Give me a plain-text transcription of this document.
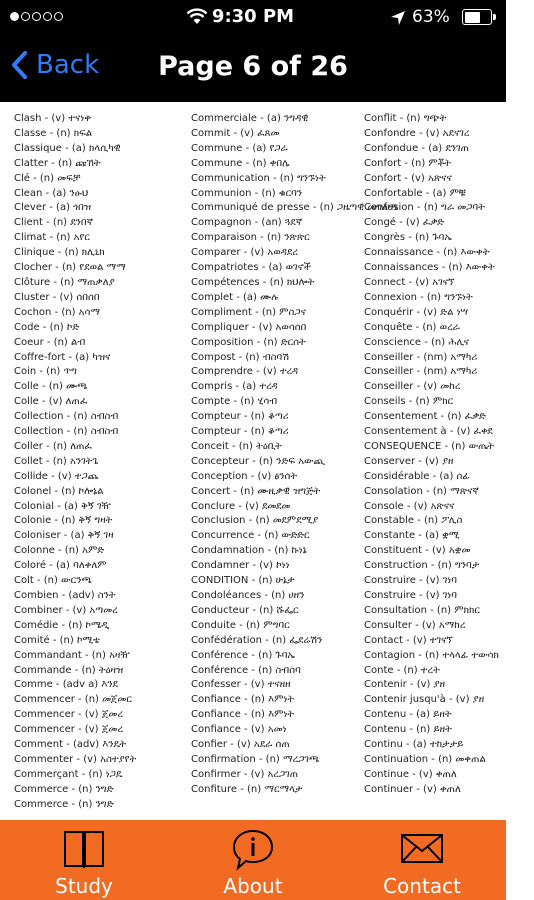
9:30 PM	63%
Back	Page 6 of 26
Clash - (v) ተናነቀ
Classe - (n) ክፍል
Classique - (a) ክላሲካዊ
Clatter - (n) ጩኸት
Clé - (n) መፍቻ
Clean - (a) ንፁህ
Clever - (a) ጎበዝ
Client - (n) ደንበኛ
Climat - (n) አየር
Clinique - (n) ክሊኒክ
Clocher - (n) የደወል ማማ
Clôture - (n) ማጠቃለያ
Cluster - (v) ሰበሰበ
Cochon - (n) አሳማ
Code - (n) ኮድ
Coeur - (n) ልብ
Coffre-fort - (a) ካዝና
Coin - (n) ጥግ
Colle - (n) ሙጫ
Colle - (v) ለጠፈ
Collection - (n) ስብስብ
Collection - (n) ስብስብ
Coller - (n) ለጠፈ
Collet - (n) አንገትጌ
Collide - (v) ተጋጨ
Colonel - (n) ኮሎኔል
Colonial - (a) ቅኝ ገዥ
Colonie - (n) ቅኝ ግዛት
Coloniser - (a) ቅኝ ገዛ
Colonne - (n) አምድ
Coloré - (a) ባለቀለም
Colt - (n) ውርንጫ
Combien - (adv) ስንት
Combiner - (v) አጣመረ
Comédie - (n) ኮሜዲ
Comité - (n) ኮሚቴ
Commandant - (n) አዛዥ
Commande - (n) ትዕዛዝ
Comme - (adv a) እንደ
Commencer - (n) መጀመር
Commencer - (v) ጀመረ
Commencer - (v) ጀመረ
Comment - (adv) እንዴት
Commenter - (v) አስተያየት
Commerçant - (n) ነጋዴ
Commerce - (n) ንግድ
Commerce - (n) ንግድ
Commerciale - (a) ንግዳዊ
Commit - (v) ፈጸመ
Commune - (a) የጋራ
Commune - (n) ቀበሌ
Communication - (n) ግንኙነት
Communion - (n) ቁርባን
Communiqué de presse - (n) ጋዜጣዊ መግለጫ
Compagnon - (an) ጓደኛ
Comparaison - (n) ንጽጽር
Comparer - (v) አወዳደረ
Compatriotes - (a) ወገኖች
Compétences - (n) ክህሎት
Complet - (a) ሙሉ
Compliment - (n) ምስጋና
Compliquer - (v) አወሳሰበ
Composition - (n) ድርሰት
Compost - (n) ብስባሽ
Comprendre - (v) ተረዳ
Compris - (a) ተረዳ
Compte - (n) ሂሳብ
Compteur - (n) ቆጣሪ
Compteur - (n) ቆጣሪ
Conceit - (n) ትዕቢት
Concepteur - (n) ንድፍ አውጪ
Conception - (v) ፅንሰት
Concert - (n) ሙዚቃዊ ዝግጅት
Conclure - (v) ደመደመ
Conclusion - (n) መደምደሚያ
Concurrence - (n) ውድድር
Condamnation - (n) ኩነኔ
Condamner - (v) ኮነነ
CONDITION - (n) ሁኔታ
Condoléances - (n) ሀዘን
Conducteur - (n) ሹፌር
Conduite - (n) ምግባር
Confédération - (n) ፌደሬሽን
Conférence - (n) ጉባኤ
Conférence - (n) ስብሰባ
Confesser - (v) ተናዘዘ
Confiance - (n) እምነት
Confiance - (n) እምነት
Confiance - (v) አመነ
Confier - (v) አደራ ሰጠ
Confirmation - (n) ማረጋገጫ
Confirmer - (v) አረጋገጠ
Confiture - (n) ማርማላታ
Conflit - (n) ግጭት
Confondre - (v) አደናገረ
Confondue - (a) ደንገጠ
Confort - (n) ምቾት
Confort - (v) አጽናና
Confortable - (a) ምቹ
Confusion - (n) ግራ መጋባት
Congé - (v) ፈቃድ
Congrès - (n) ጉባኤ
Connaissance - (n) እውቀት
Connaissances - (n) እውቀት
Connect - (v) አገናኘ
Connexion - (n) ግንኙነት
Conquérir - (v) ድል ነሣ
Conquête - (n) ወረራ
Conscience - (n) ሕሊና
Conseiller - (nm) አማካሪ
Conseiller - (nm) አማካሪ
Conseiller - (v) መከረ
Conseils - (n) ምክር
Consentement - (n) ፈቃድ
Consentement à - (v) ፈቀደ
CONSEQUENCE - (n) ውጤት
Conserver - (v) ያዘ
Considérable - (a) ሰፊ
Consolation - (n) ማጽናኛ
Console - (v) አጽናና
Constable - (n) ፖሊስ
Constante - (a) ቋሚ
Constituent - (v) አቋመ
Construction - (n) ግንባታ
Construire - (v) ገነባ
Construire - (v) ገነባ
Consultation - (n) ምክክር
Consulter - (v) አማከረ
Contact - (v) ተገናኘ
Contagion - (n) ተላላፊ ተውሳክ
Conte - (n) ተረት
Contenir - (v) ያዘ
Contenir jusqu'à - (v) ያዘ
Contenu - (a) ይዘት
Contenu - (n) ይዘት
Continu - (a) ተከታታይ
Continuation - (n) መቀጠል
Continue - (v) ቀጠለ
Continuer - (v) ቀጠለ
Study	About	Contact
